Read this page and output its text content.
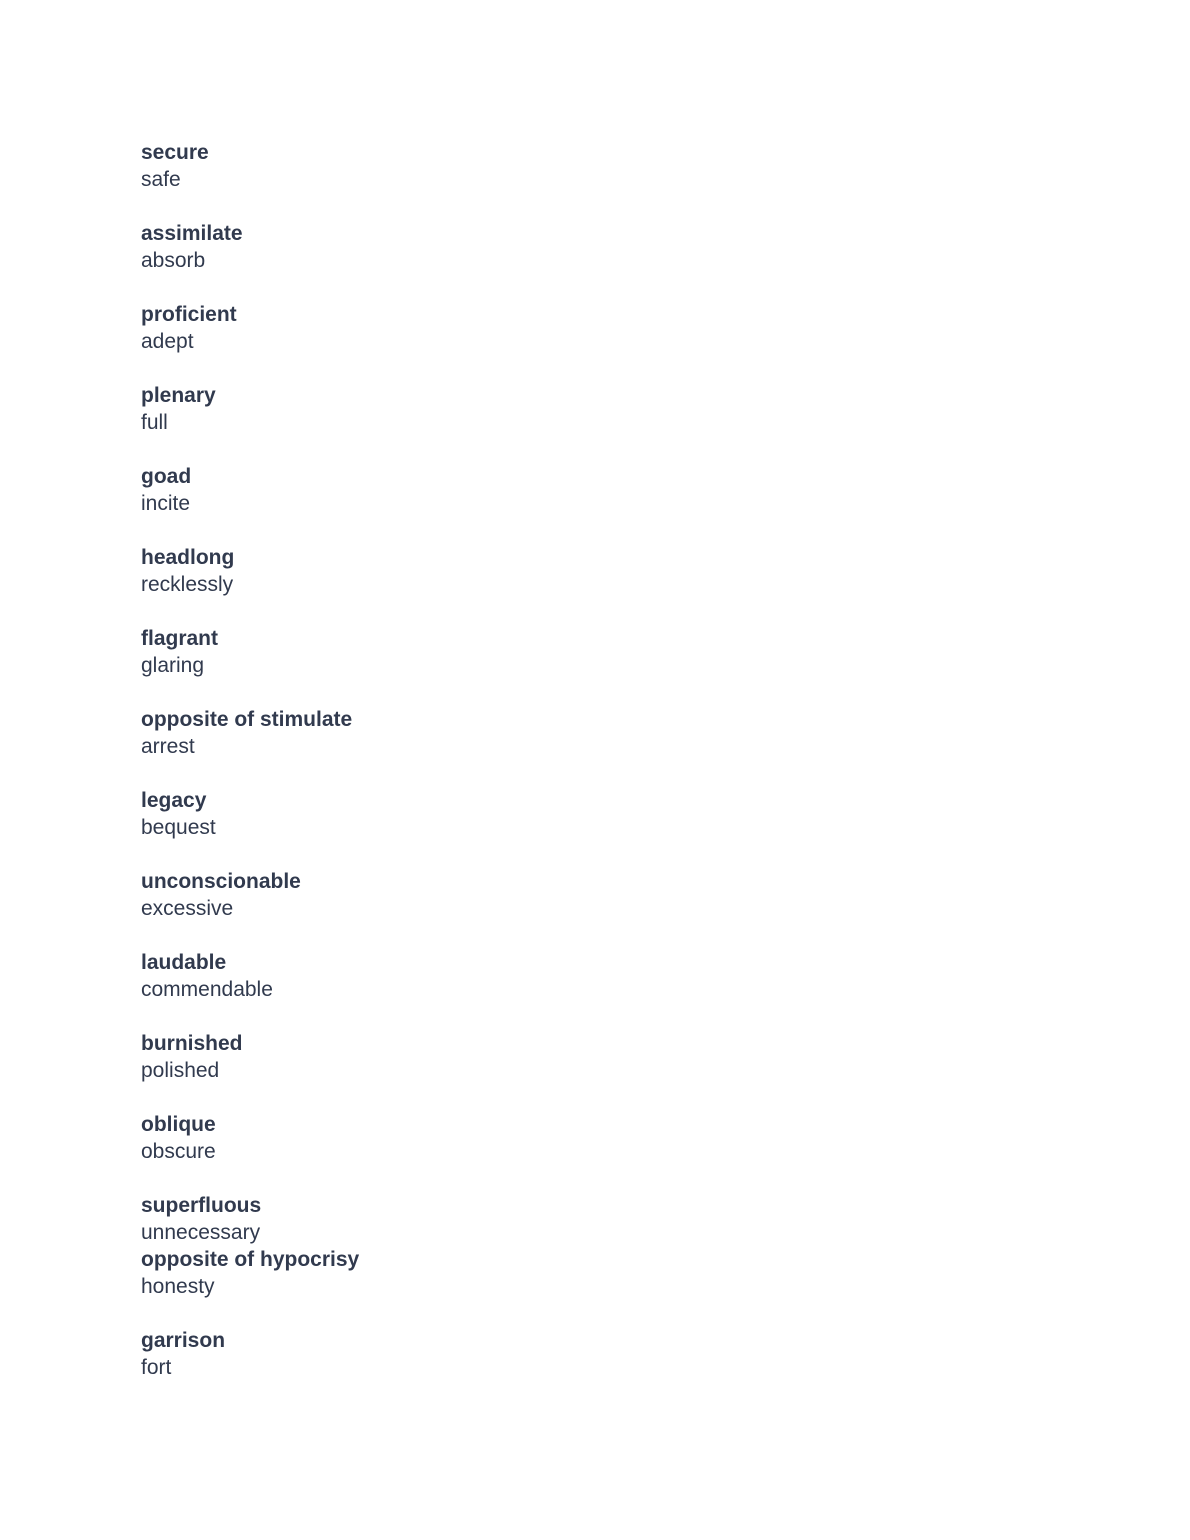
secure
safe
assimilate
absorb
proficient
adept
plenary
full
goad
incite
headlong
recklessly
flagrant
glaring
opposite of stimulate
arrest
legacy
bequest
unconscionable
excessive
laudable
commendable
burnished
polished
oblique
obscure
superfluous
unnecessary
opposite of hypocrisy
honesty
garrison
fort
